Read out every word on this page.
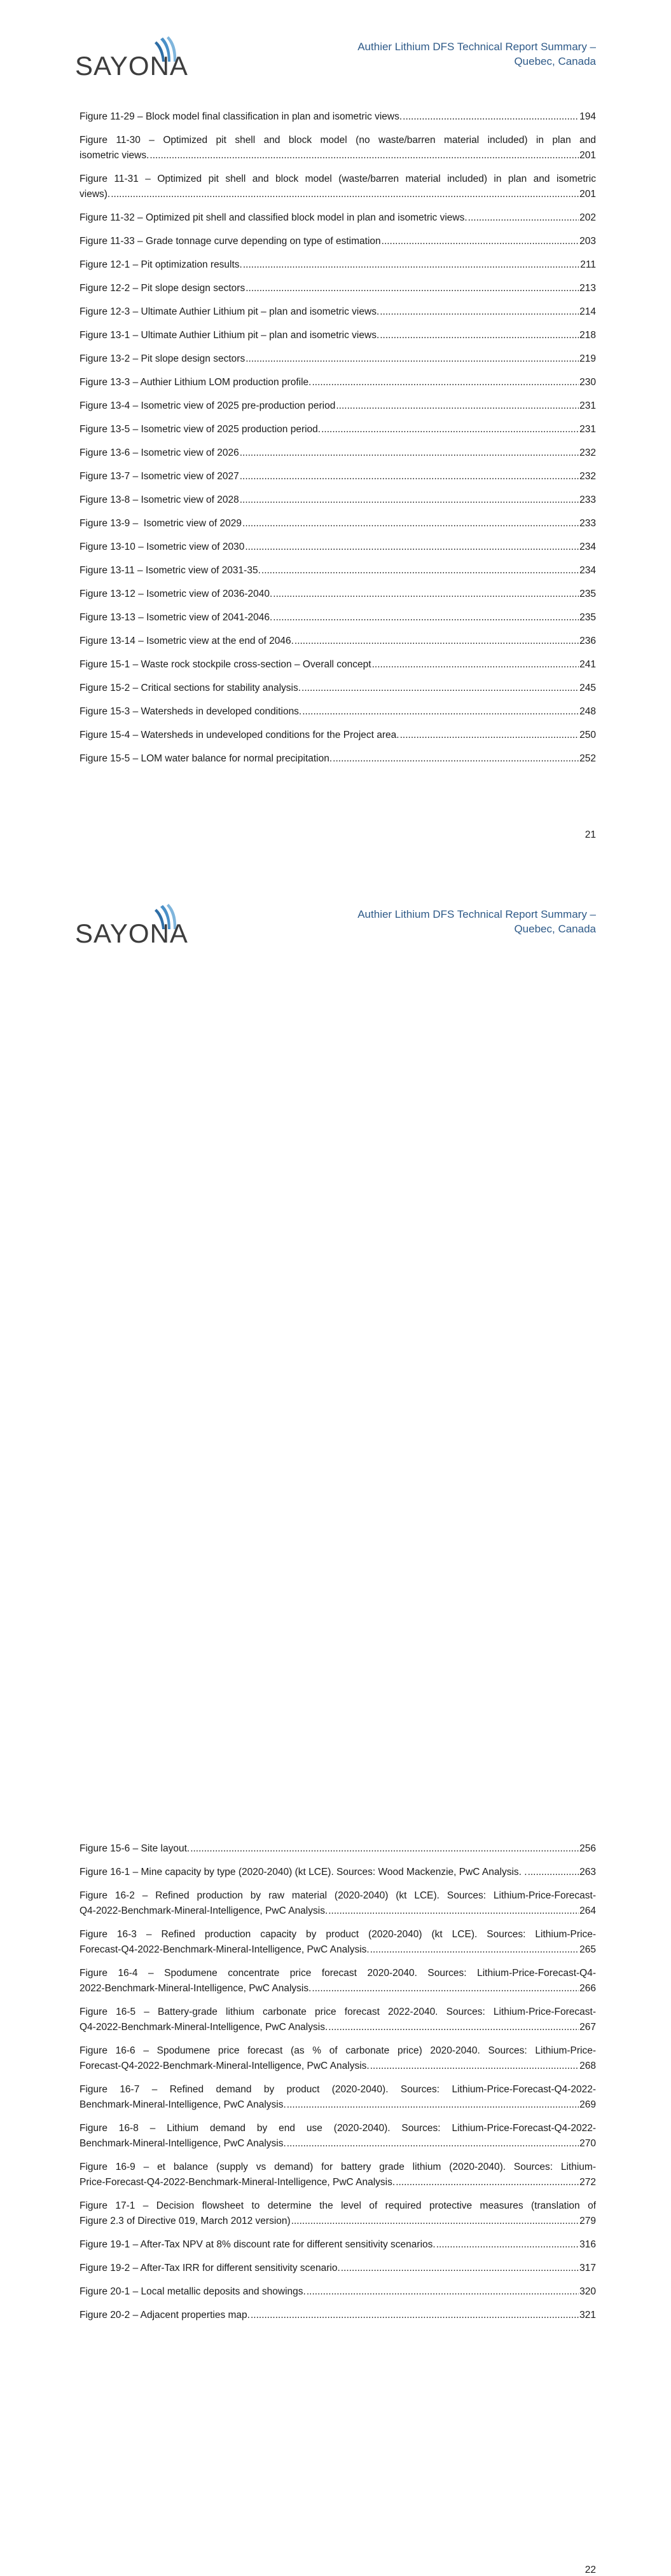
SAYONA
Authier Lithium DFS Technical Report Summary –
Quebec, Canada
Figure 11-29 – Block model final classification in plan and isometric views. .....	194
Figure 11-30 – Optimized pit shell and block model (no waste/barren material included) in plan and
isometric views. .....	201
Figure 11-31 – Optimized pit shell and block model (waste/barren material included) in plan and isometric
views). .....	201
Figure 11-32 – Optimized pit shell and classified block model in plan and isometric views. .....	202
Figure 11-33 – Grade tonnage curve depending on type of estimation .....	203
Figure 12-1 – Pit optimization results. .....	211
Figure 12-2 – Pit slope design sectors .....	213
Figure 12-3 – Ultimate Authier Lithium pit – plan and isometric views. .....	214
Figure 13-1 – Ultimate Authier Lithium pit – plan and isometric views. .....	218
Figure 13-2 – Pit slope design sectors .....	219
Figure 13-3 – Authier Lithium LOM production profile. .....	230
Figure 13-4 – Isometric view of 2025 pre-production period .....	231
Figure 13-5 – Isometric view of 2025 production period. .....	231
Figure 13-6 – Isometric view of 2026 .....	232
Figure 13-7 – Isometric view of 2027 .....	232
Figure 13-8 – Isometric view of 2028 .....	233
Figure 13-9 –  Isometric view of 2029 .....	233
Figure 13-10 – Isometric view of 2030 .....	234
Figure 13-11 – Isometric view of 2031-35. .....	234
Figure 13-12 – Isometric view of 2036-2040. .....	235
Figure 13-13 – Isometric view of 2041-2046. .....	235
Figure 13-14 – Isometric view at the end of 2046. .....	236
Figure 15-1 – Waste rock stockpile cross-section – Overall concept .....	241
Figure 15-2 – Critical sections for stability analysis. .....	245
Figure 15-3 – Watersheds in developed conditions. .....	248
Figure 15-4 – Watersheds in undeveloped conditions for the Project area. .....	250
Figure 15-5 – LOM water balance for normal precipitation. .....	252
21
SAYONA
Authier Lithium DFS Technical Report Summary –
Quebec, Canada
Figure 15-6 – Site layout. .....	256
Figure 16-1 – Mine capacity by type (2020-2040) (kt LCE). Sources: Wood Mackenzie, PwC Analysis. . .....	263
Figure 16-2 – Refined production by raw material (2020-2040) (kt LCE). Sources: Lithium-Price-Forecast-
Q4-2022-Benchmark-Mineral-Intelligence, PwC Analysis. .....	264
Figure 16-3 – Refined production capacity by product (2020-2040) (kt LCE). Sources: Lithium-Price-
Forecast-Q4-2022-Benchmark-Mineral-Intelligence, PwC Analysis. .....	265
Figure 16-4 – Spodumene concentrate price forecast 2020-2040. Sources: Lithium-Price-Forecast-Q4-
2022-Benchmark-Mineral-Intelligence, PwC Analysis. .....	266
Figure 16-5 – Battery-grade lithium carbonate price forecast 2022-2040. Sources: Lithium-Price-Forecast-
Q4-2022-Benchmark-Mineral-Intelligence, PwC Analysis. .....	267
Figure 16-6 – Spodumene price forecast (as % of carbonate price) 2020-2040. Sources: Lithium-Price-
Forecast-Q4-2022-Benchmark-Mineral-Intelligence, PwC Analysis. .....	268
Figure 16-7 – Refined demand by product (2020-2040). Sources: Lithium-Price-Forecast-Q4-2022-
Benchmark-Mineral-Intelligence, PwC Analysis. .....	269
Figure 16-8 – Lithium demand by end use (2020-2040). Sources: Lithium-Price-Forecast-Q4-2022-
Benchmark-Mineral-Intelligence, PwC Analysis. .....	270
Figure 16-9 – et balance (supply vs demand) for battery grade lithium (2020-2040). Sources: Lithium-
Price-Forecast-Q4-2022-Benchmark-Mineral-Intelligence, PwC Analysis. .....	272
Figure 17-1 – Decision flowsheet to determine the level of required protective measures (translation of
Figure 2.3 of Directive 019, March 2012 version) .....	279
Figure 19-1 – After-Tax NPV at 8% discount rate for different sensitivity scenarios. .....	316
Figure 19-2 – After-Tax IRR for different sensitivity scenario. .....	317
Figure 20-1 – Local metallic deposits and showings. .....	320
Figure 20-2 – Adjacent properties map. .....	321
22
